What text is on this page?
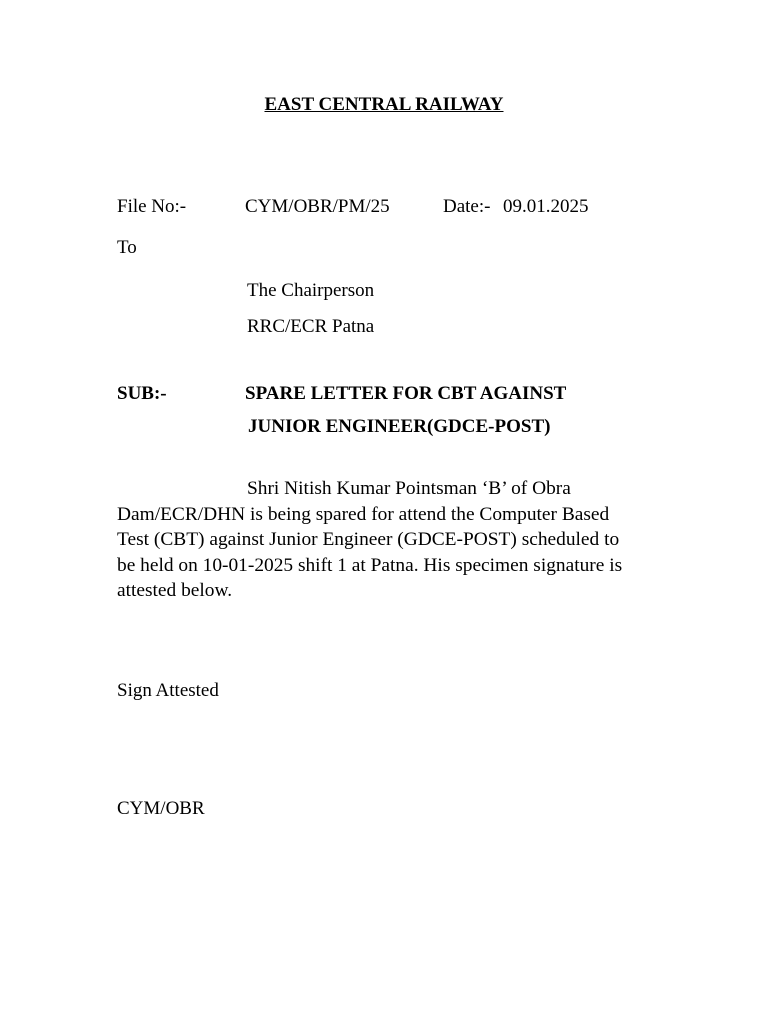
EAST CENTRAL RAILWAY
File No:-	CYM/OBR/PM/25	Date:- 09.01.2025
To
The Chairperson
RRC/ECR Patna
SUB:-	SPARE LETTER FOR CBT AGAINST
JUNIOR ENGINEER(GDCE-POST)
Shri Nitish Kumar Pointsman ‘B’ of Obra Dam/ECR/DHN is being spared for attend the Computer Based Test (CBT) against Junior Engineer (GDCE-POST) scheduled to be held on 10-01-2025 shift 1 at Patna. His specimen signature is attested below.
Sign Attested
CYM/OBR
